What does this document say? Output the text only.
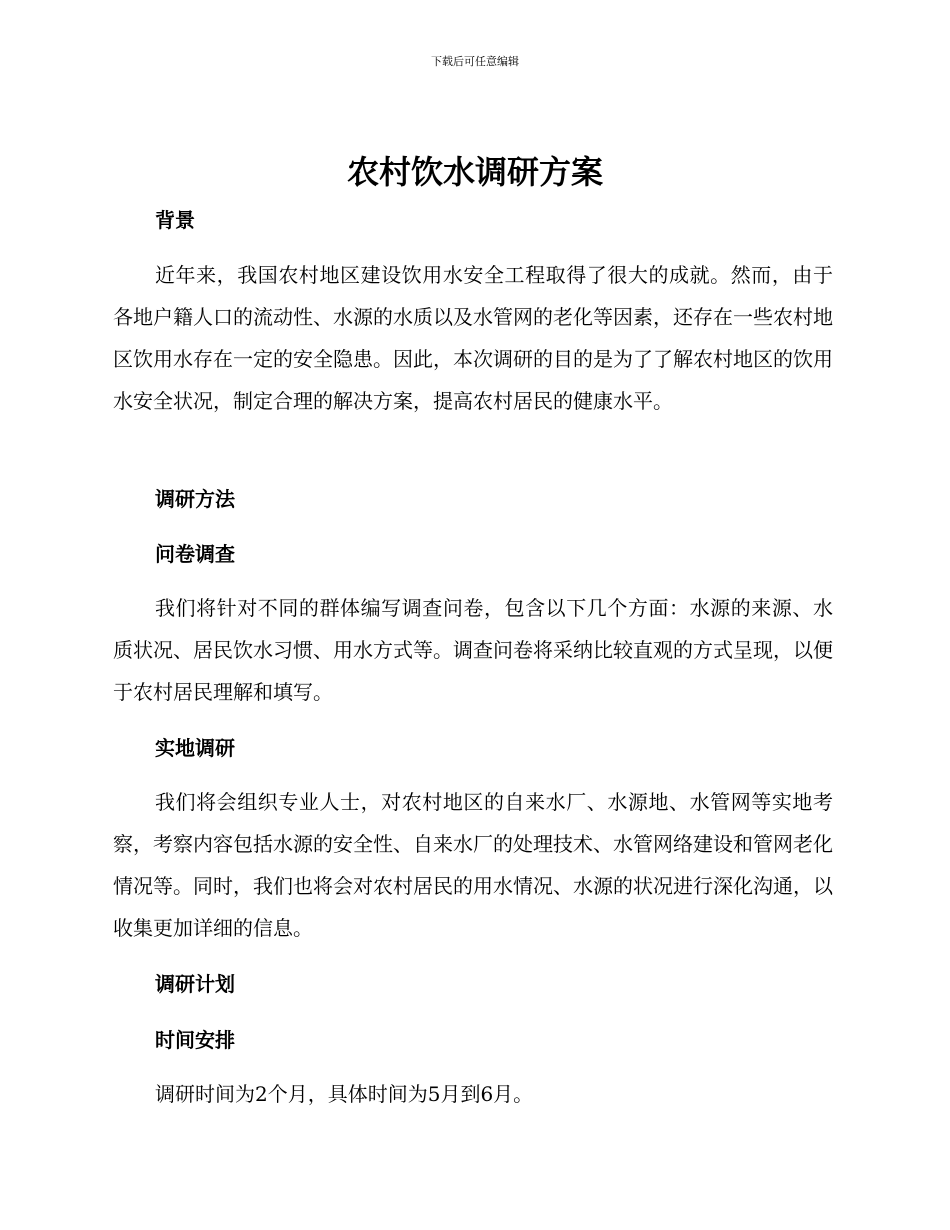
下载后可任意编辑
农村饮水调研方案
背景

近年来，我国农村地区建设饮用水安全工程取得了很大的成就。然而，由于各地户籍人口的流动性、水源的水质以及水管网的老化等因素，还存在一些农村地区饮用水存在一定的安全隐患。因此，本次调研的目的是为了了解农村地区的饮用水安全状况，制定合理的解决方案，提高农村居民的健康水平。

调研方法
问卷调查

我们将针对不同的群体编写调查问卷，包含以下几个方面：水源的来源、水质状况、居民饮水习惯、用水方式等。调查问卷将采纳比较直观的方式呈现，以便于农村居民理解和填写。

实地调研

我们将会组织专业人士，对农村地区的自来水厂、水源地、水管网等实地考察，考察内容包括水源的安全性、自来水厂的处理技术、水管网络建设和管网老化情况等。同时，我们也将会对农村居民的用水情况、水源的状况进行深化沟通，以收集更加详细的信息。

调研计划
时间安排

调研时间为2个月，具体时间为5月到6月。
